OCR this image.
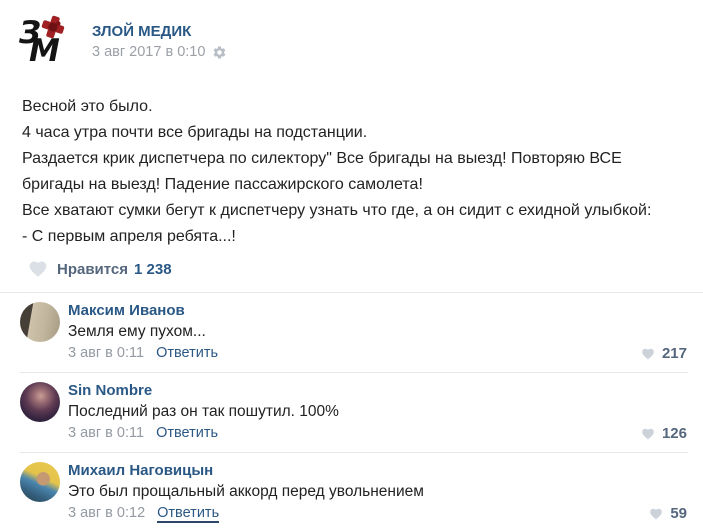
З
М
ЗЛОЙ МЕДИК
3 авг 2017 в 0:10
Весной это было.
4 часа утра почти все бригады на подстанции.
Раздается крик диспетчера по силектору" Все бригады на выезд! Повторяю ВСЕ
бригады на выезд! Падение пассажирского самолета!
Все хватают сумки бегут к диспетчеру узнать что где, а он сидит с ехидной улыбкой:
- С первым апреля ребята...!
Нравится 1 238
Максим Иванов
Земля ему пухом...
3 авг в 0:11 Ответить	217
Sin Nombre
Последний раз он так пошутил. 100%
3 авг в 0:11 Ответить	126
Михаил Наговицын
Это был прощальный аккорд перед увольнением
3 авг в 0:12 Ответить	59
